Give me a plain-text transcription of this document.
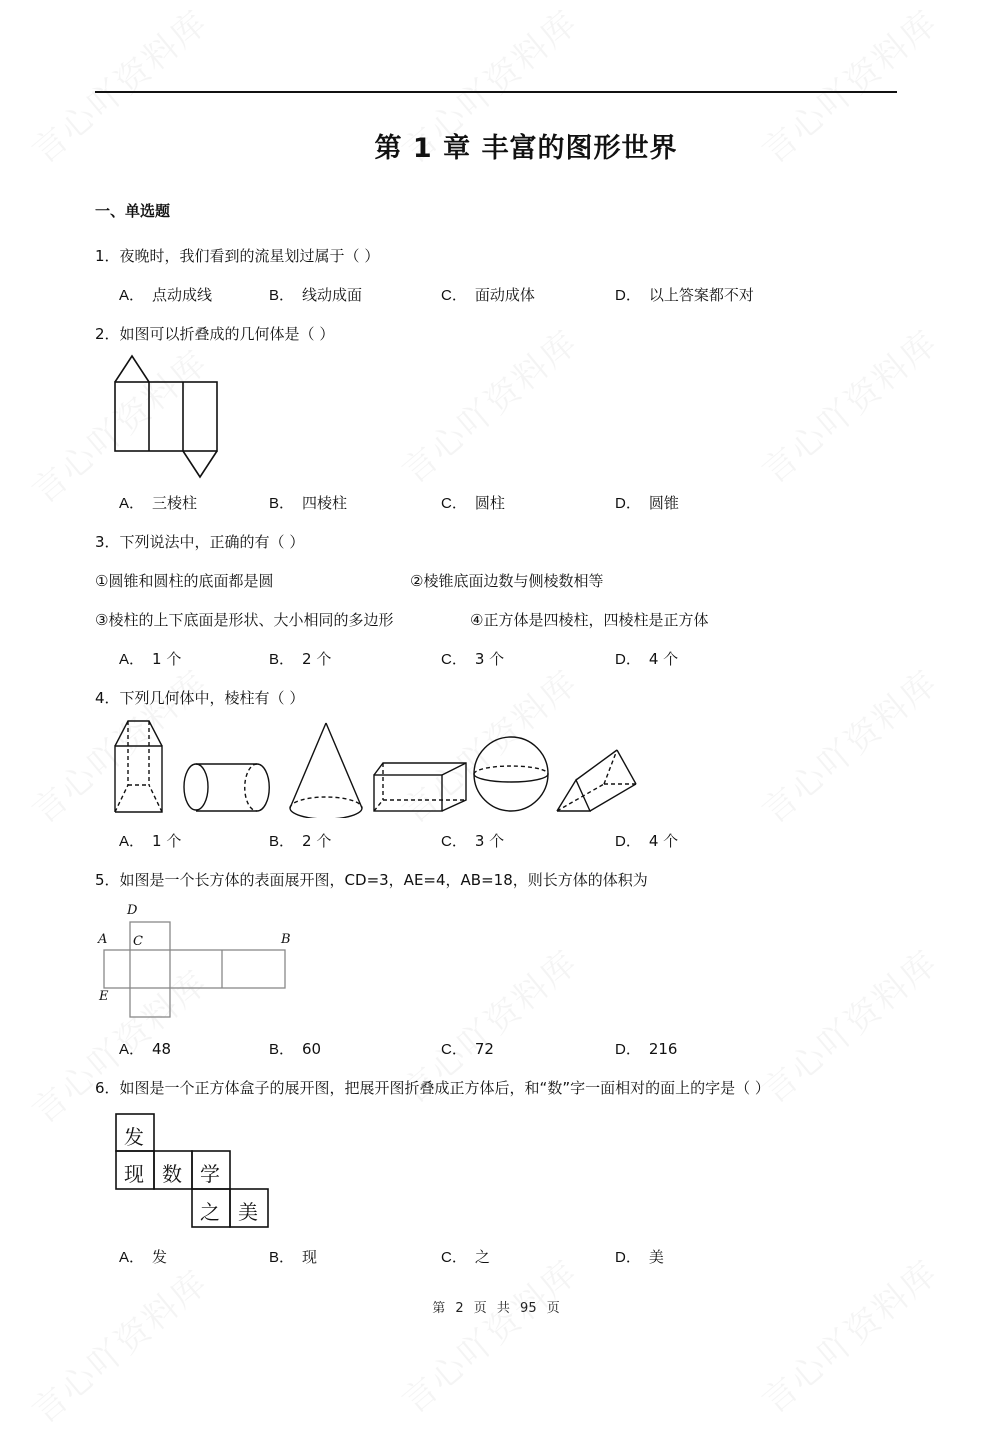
第 1 章 丰富的图形世界
一、单选题
1．夜晚时，我们看到的流星划过属于（ ）
A． 点动成线	B． 线动成面	C． 面动成体	D． 以上答案都不对
2．如图可以折叠成的几何体是（ ）
A． 三棱柱	B． 四棱柱	C． 圆柱	D． 圆锥
3．下列说法中，正确的有（ ）
①圆锥和圆柱的底面都是圆	②棱锥底面边数与侧棱数相等
③棱柱的上下底面是形状、大小相同的多边形	④正方体是四棱柱，四棱柱是正方体
A． 1 个	B． 2 个	C． 3 个	D． 4 个
4．下列几何体中，棱柱有（ ）
A． 1 个	B． 2 个	C． 3 个	D． 4 个
5．如图是一个长方体的表面展开图，CD=3，AE=4，AB=18，则长方体的体积为
D
A C	B
E
A． 48	B． 60	C． 72	D． 216
6．如图是一个正方体盒子的展开图，把展开图折叠成正方体后，和“数”字一面相对的面上的字是（ ）
发
现 数 学
之 美
A． 发	B． 现	C． 之	D． 美
第 2 页 共 95 页
